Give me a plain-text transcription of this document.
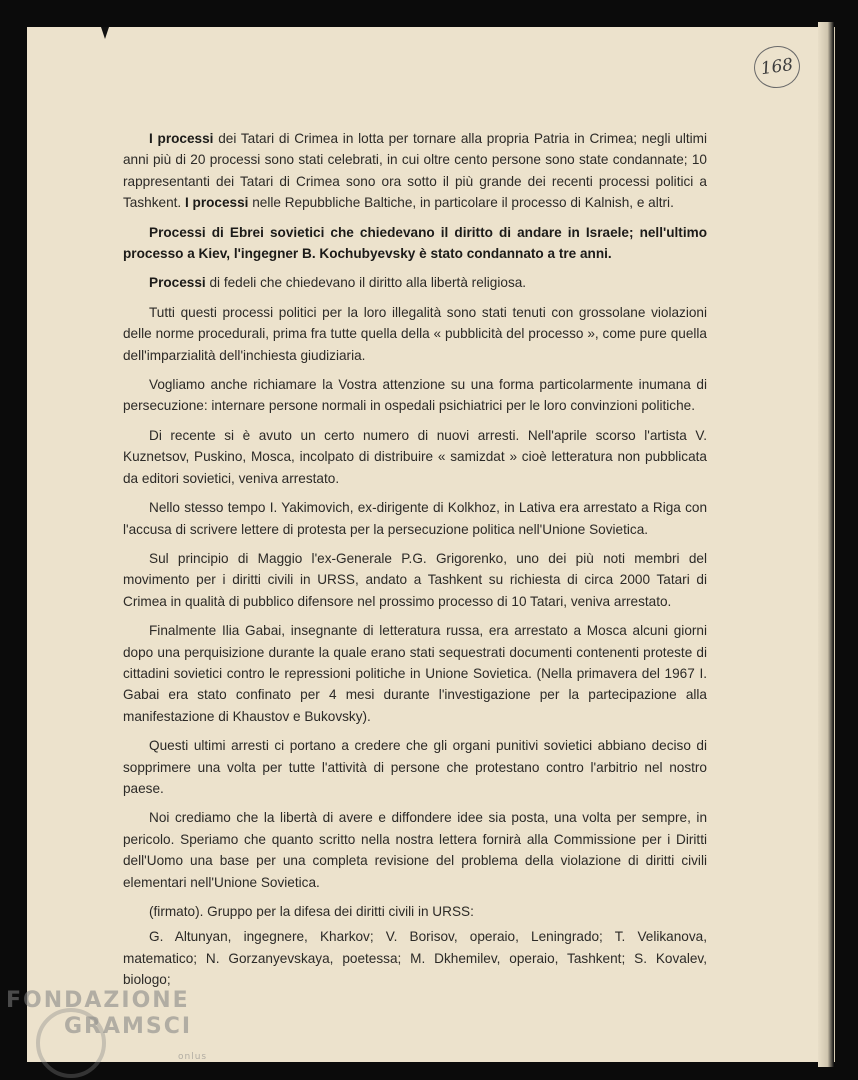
168

I processi dei Tatari di Crimea in lotta per tornare alla propria Patria in Crimea; negli ultimi anni più di 20 processi sono stati celebrati, in cui oltre cento persone sono state condannate; 10 rappresentanti dei Tatari di Crimea sono ora sotto il più grande dei recenti processi politici a Tashkent. I processi nelle Repubbliche Baltiche, in particolare il processo di Kalnish, e altri.

Processi di Ebrei sovietici che chiedevano il diritto di andare in Israele; nell'ultimo processo a Kiev, l'ingegner B. Kochubyevsky è stato condannato a tre anni.

Processi di fedeli che chiedevano il diritto alla libertà religiosa.

Tutti questi processi politici per la loro illegalità sono stati tenuti con grossolane violazioni delle norme procedurali, prima fra tutte quella della « pubblicità del processo », come pure quella dell'imparzialità dell'inchiesta giudiziaria.

Vogliamo anche richiamare la Vostra attenzione su una forma particolarmente inumana di persecuzione: internare persone normali in ospedali psichiatrici per le loro convinzioni politiche.

Di recente si è avuto un certo numero di nuovi arresti. Nell'aprile scorso l'artista V. Kuznetsov, Puskino, Mosca, incolpato di distribuire « samizdat » cioè letteratura non pubblicata da editori sovietici, veniva arrestato.

Nello stesso tempo I. Yakimovich, ex-dirigente di Kolkhoz, in Lativa era arrestato a Riga con l'accusa di scrivere lettere di protesta per la persecuzione politica nell'Unione Sovietica.

Sul principio di Maggio l'ex-Generale P.G. Grigorenko, uno dei più noti membri del movimento per i diritti civili in URSS, andato a Tashkent su richiesta di circa 2000 Tatari di Crimea in qualità di pubblico difensore nel prossimo processo di 10 Tatari, veniva arrestato.

Finalmente Ilia Gabai, insegnante di letteratura russa, era arrestato a Mosca alcuni giorni dopo una perquisizione durante la quale erano stati sequestrati documenti contenenti proteste di cittadini sovietici contro le repressioni politiche in Unione Sovietica. (Nella primavera del 1967 I. Gabai era stato confinato per 4 mesi durante l'investigazione per la partecipazione alla manifestazione di Khaustov e Bukovsky).

Questi ultimi arresti ci portano a credere che gli organi punitivi sovietici abbiano deciso di sopprimere una volta per tutte l'attività di persone che protestano contro l'arbitrio nel nostro paese.

Noi crediamo che la libertà di avere e diffondere idee sia posta, una volta per sempre, in pericolo. Speriamo che quanto scritto nella nostra lettera fornirà alla Commissione per i Diritti dell'Uomo una base per una completa revisione del problema della violazione di diritti civili elementari nell'Unione Sovietica.

(firmato). Gruppo per la difesa dei diritti civili in URSS:

G. Altunyan, ingegnere, Kharkov; V. Borisov, operaio, Leningrado; T. Velikanova, matematico; N. Gorzanyevskaya, poetessa; M. Dkhemilev, operaio, Tashkent; S. Kovalev, biologo;

FONDAZIONE
GRAMSCI
onlus
